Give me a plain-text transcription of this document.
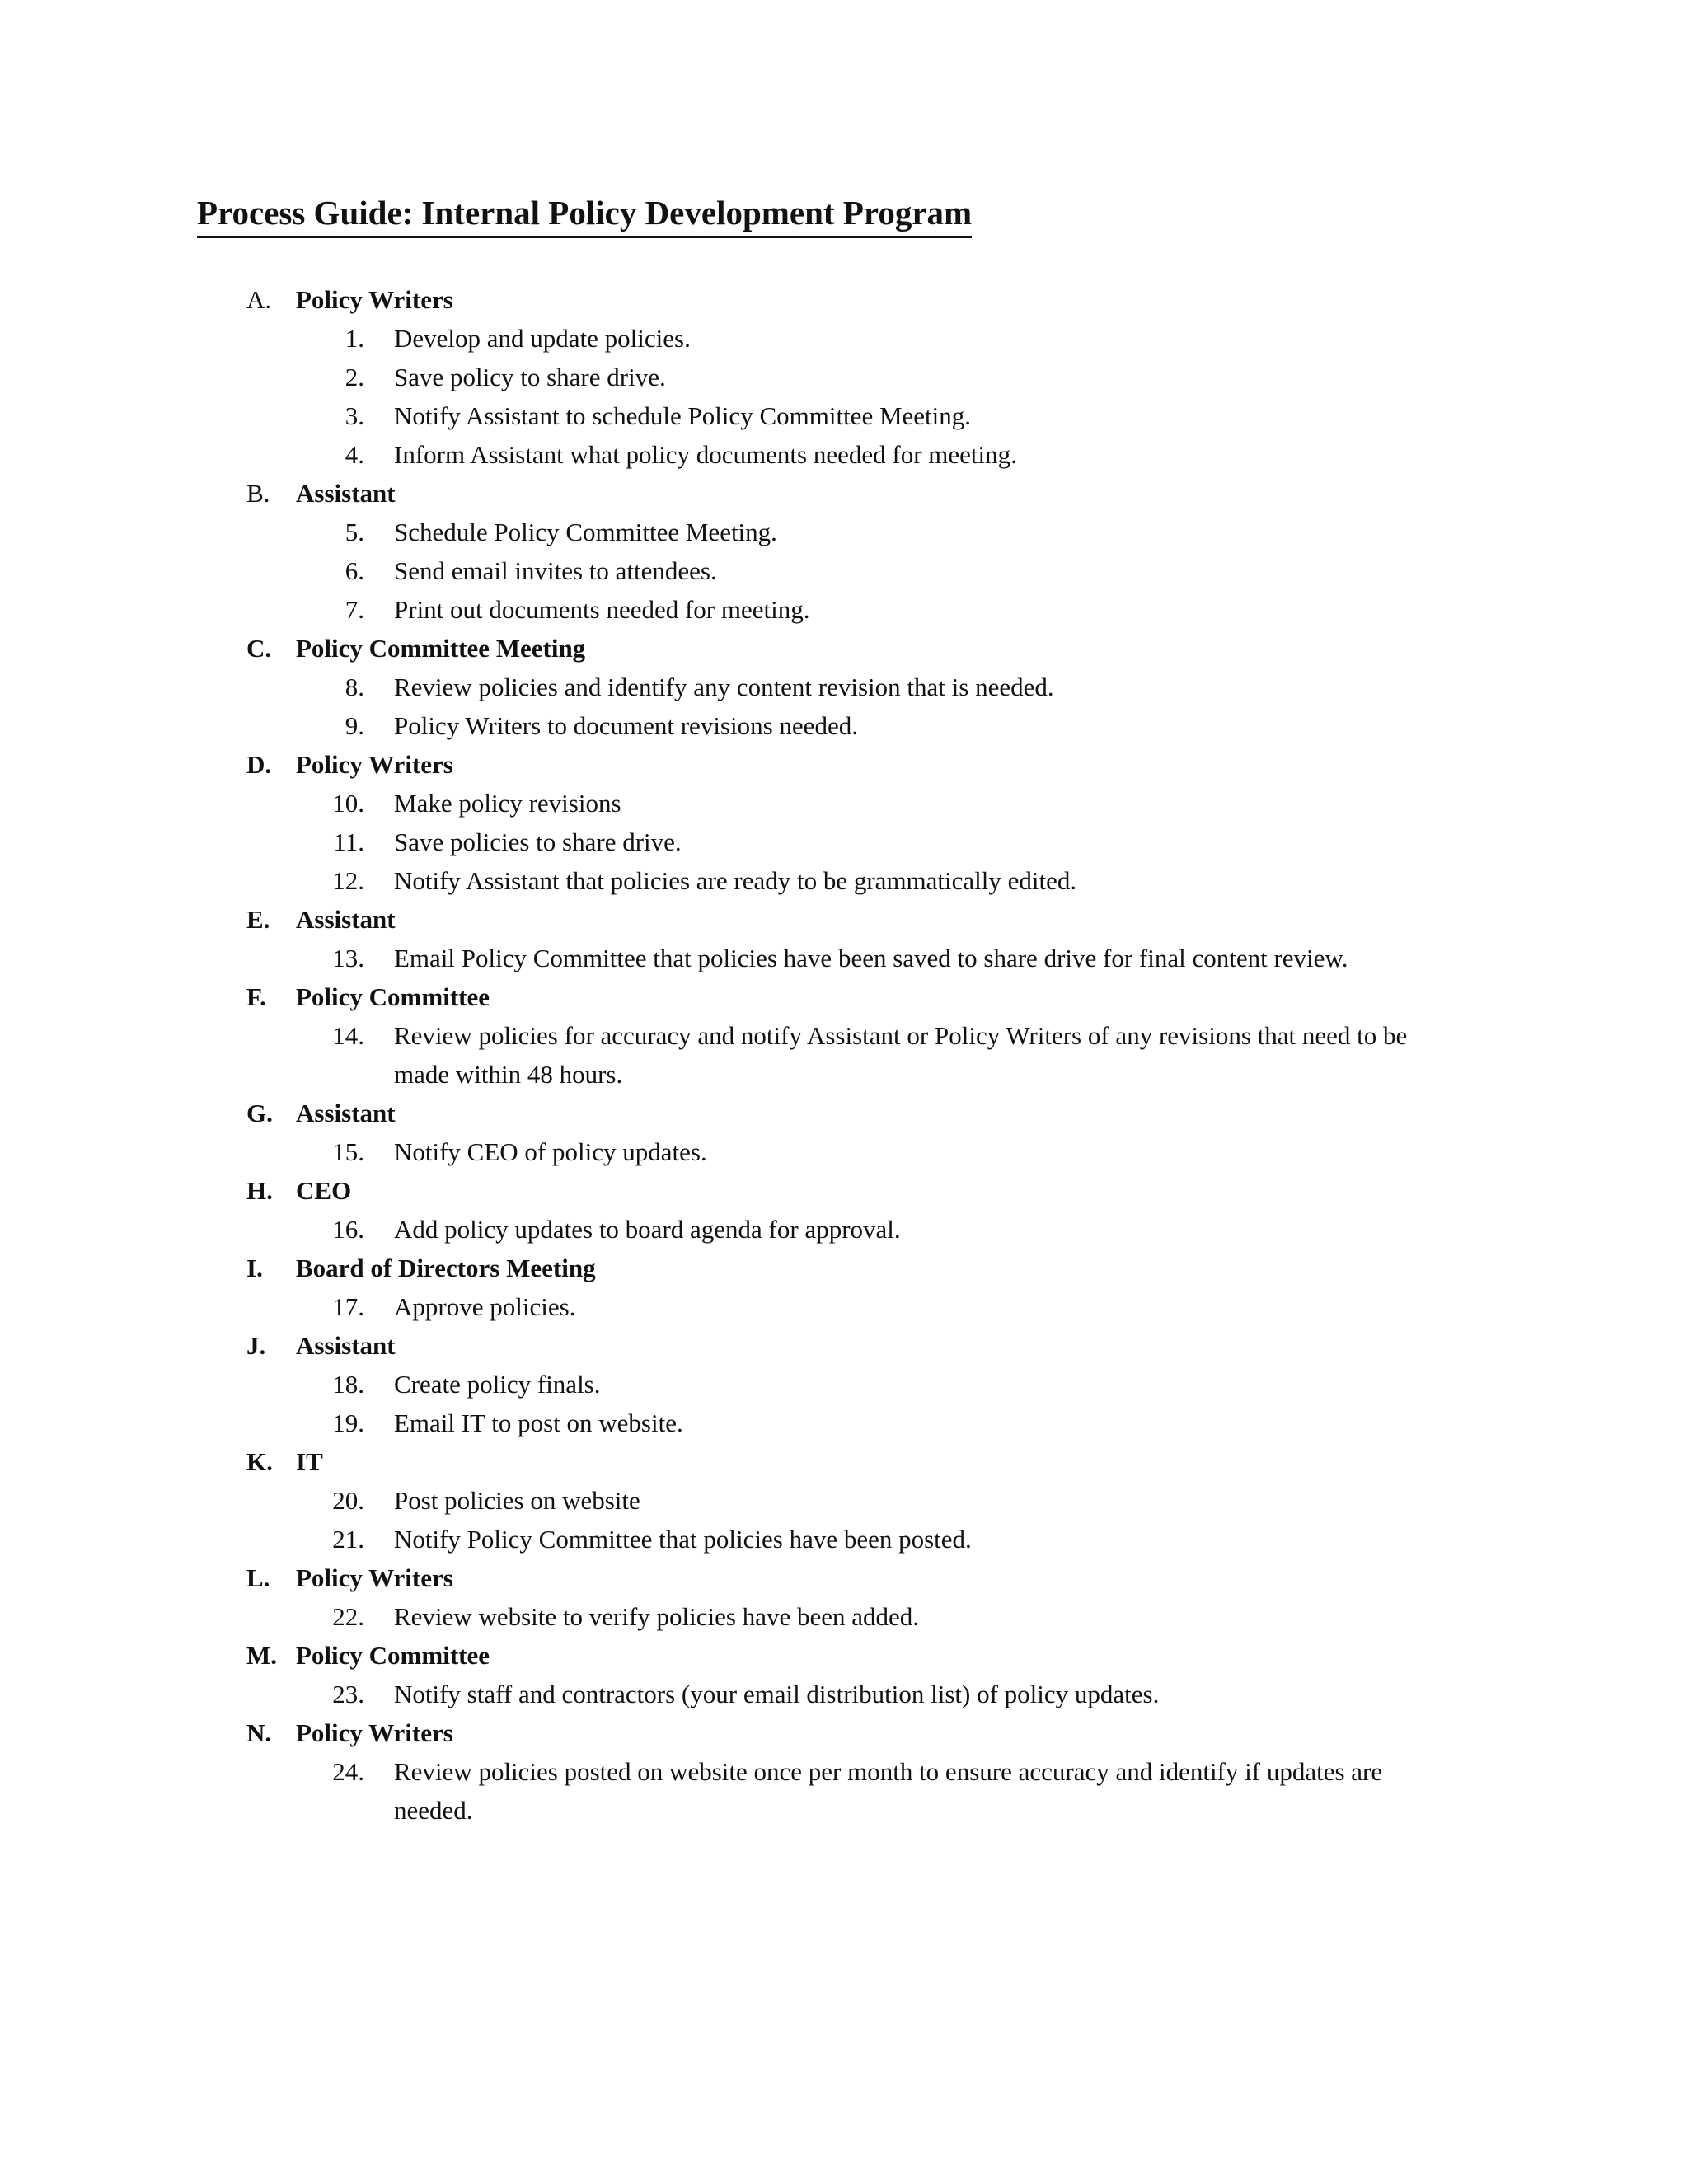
Process Guide: Internal Policy Development Program
A. Policy Writers
1. Develop and update policies.
2. Save policy to share drive.
3. Notify Assistant to schedule Policy Committee Meeting.
4. Inform Assistant what policy documents needed for meeting.
B. Assistant
5. Schedule Policy Committee Meeting.
6. Send email invites to attendees.
7. Print out documents needed for meeting.
C. Policy Committee Meeting
8. Review policies and identify any content revision that is needed.
9. Policy Writers to document revisions needed.
D. Policy Writers
10. Make policy revisions
11. Save policies to share drive.
12. Notify Assistant that policies are ready to be grammatically edited.
E. Assistant
13. Email Policy Committee that policies have been saved to share drive for final content review.
F. Policy Committee
14. Review policies for accuracy and notify Assistant or Policy Writers of any revisions that need to be made within 48 hours.
G. Assistant
15. Notify CEO of policy updates.
H. CEO
16. Add policy updates to board agenda for approval.
I. Board of Directors Meeting
17. Approve policies.
J. Assistant
18. Create policy finals.
19. Email IT to post on website.
K. IT
20. Post policies on website
21. Notify Policy Committee that policies have been posted.
L. Policy Writers
22. Review website to verify policies have been added.
M. Policy Committee
23. Notify staff and contractors (your email distribution list) of policy updates.
N. Policy Writers
24. Review policies posted on website once per month to ensure accuracy and identify if updates are needed.
